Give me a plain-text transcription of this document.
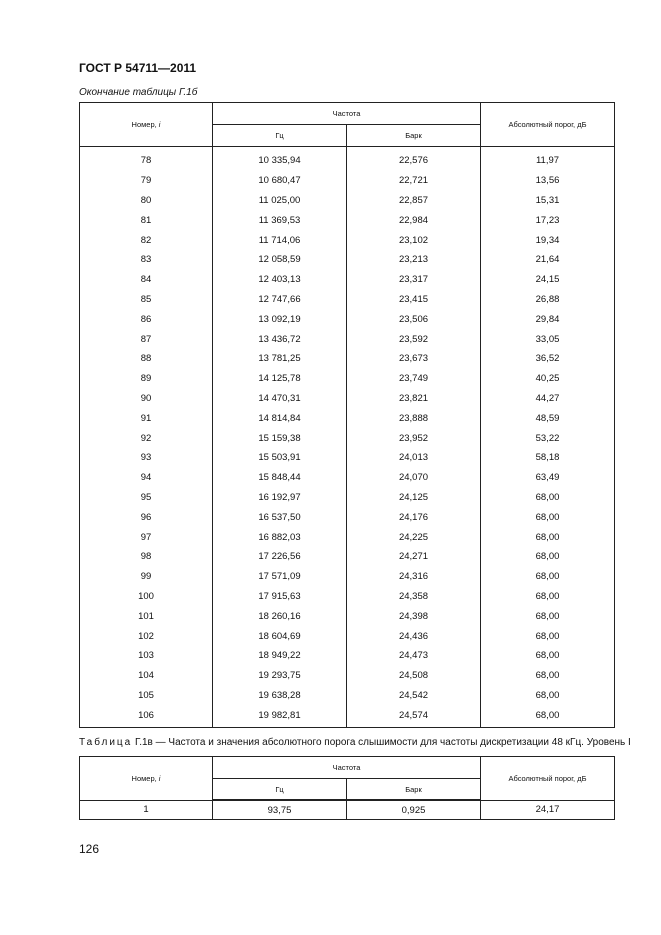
ГОСТ Р 54711—2011
Окончание таблицы Г.1б
Номер, i	Частота		Абсолютный порог, дБ
	Гц	Барк	
78	10 335,94	22,576	11,97
79	10 680,47	22,721	13,56
80	11 025,00	22,857	15,31
81	11 369,53	22,984	17,23
82	11 714,06	23,102	19,34
83	12 058,59	23,213	21,64
84	12 403,13	23,317	24,15
85	12 747,66	23,415	26,88
86	13 092,19	23,506	29,84
87	13 436,72	23,592	33,05
88	13 781,25	23,673	36,52
89	14 125,78	23,749	40,25
90	14 470,31	23,821	44,27
91	14 814,84	23,888	48,59
92	15 159,38	23,952	53,22
93	15 503,91	24,013	58,18
94	15 848,44	24,070	63,49
95	16 192,97	24,125	68,00
96	16 537,50	24,176	68,00
97	16 882,03	24,225	68,00
98	17 226,56	24,271	68,00
99	17 571,09	24,316	68,00
100	17 915,63	24,358	68,00
101	18 260,16	24,398	68,00
102	18 604,69	24,436	68,00
103	18 949,22	24,473	68,00
104	19 293,75	24,508	68,00
105	19 638,28	24,542	68,00
106	19 982,81	24,574	68,00
Таблица Г.1в — Частота и значения абсолютного порога слышимости для частоты дискретизации 48 кГц. Уровень I
Номер, i	Частота		Абсолютный порог, дБ
	Гц	Барк	
1	93,75	0,925	24,17
126
